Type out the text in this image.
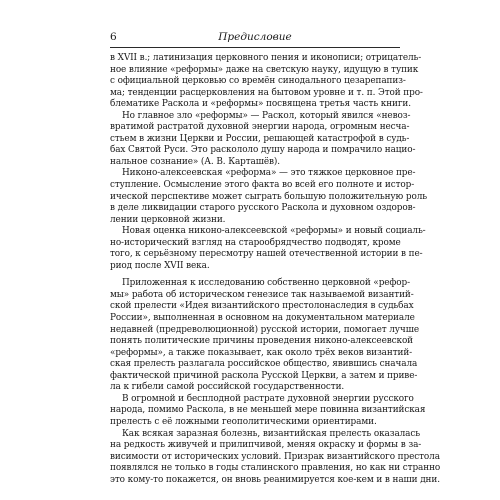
6	Предисловие
в XVII в.; латинизация церковного пения и иконописи; отрицатель-
ное влияние «реформы» даже на светскую науку, идущую в тупик
с официальной церковью со времён синодального цезарепапиз-
ма; тенденции расцерковления на бытовом уровне и т. п. Этой про-
блематике Раскола и «реформы» посвящена третья часть книги.
Но главное зло «реформы» — Раскол, который явился «невоз-
вратимой растратой духовной энергии народа, огромным несча-
стьем в жизни Церкви и России, решающей катастрофой в судь-
бах Святой Руси. Это раскололо душу народа и помрачило нацио-
нальное сознание» (А. В. Карташёв).
Никоно-алексеевская «реформа» — это тяжкое церковное пре-
ступление. Осмысление этого факта во всей его полноте и истор-
ической перспективе может сыграть большую положительную роль
в деле ликвидации старого русского Раскола и духовном оздоров-
лении церковной жизни.
Новая оценка никоно-алексеевской «реформы» и новый социаль-
но-исторический взгляд на старообрядчество подводят, кроме
того, к серьёзному пересмотру нашей отечественной истории в пе-
риод после XVII века.
Приложенная к исследованию собственно церковной «рефор-
мы» работа об историческом генезисе так называемой византий-
ской прелести «Идея византийского престолонаследия в судьбах
России», выполненная в основном на документальном материале
недавней (предреволюционной) русской истории, помогает лучше
понять политические причины проведения никоно-алексеевской
«реформы», а также показывает, как около трёх веков византий-
ская прелесть разлагала российское общество, явившись сначала
фактической причиной раскола Русской Церкви, а затем и приве-
ла к гибели самой российской государственности.
В огромной и бесплодной растрате духовной энергии русского
народа, помимо Раскола, в не меньшей мере повинна византийская
прелесть с её ложными геополитическими ориентирами.
Как всякая заразная болезнь, византийская прелесть оказалась
на редкость живучей и прилипчивой, меняя окраску и формы в за-
висимости от исторических условий. Призрак византийского престола
появлялся не только в годы сталинского правления, но как ни странно
это кому-то покажется, он вновь реанимируется кое-кем и в наши дни.
